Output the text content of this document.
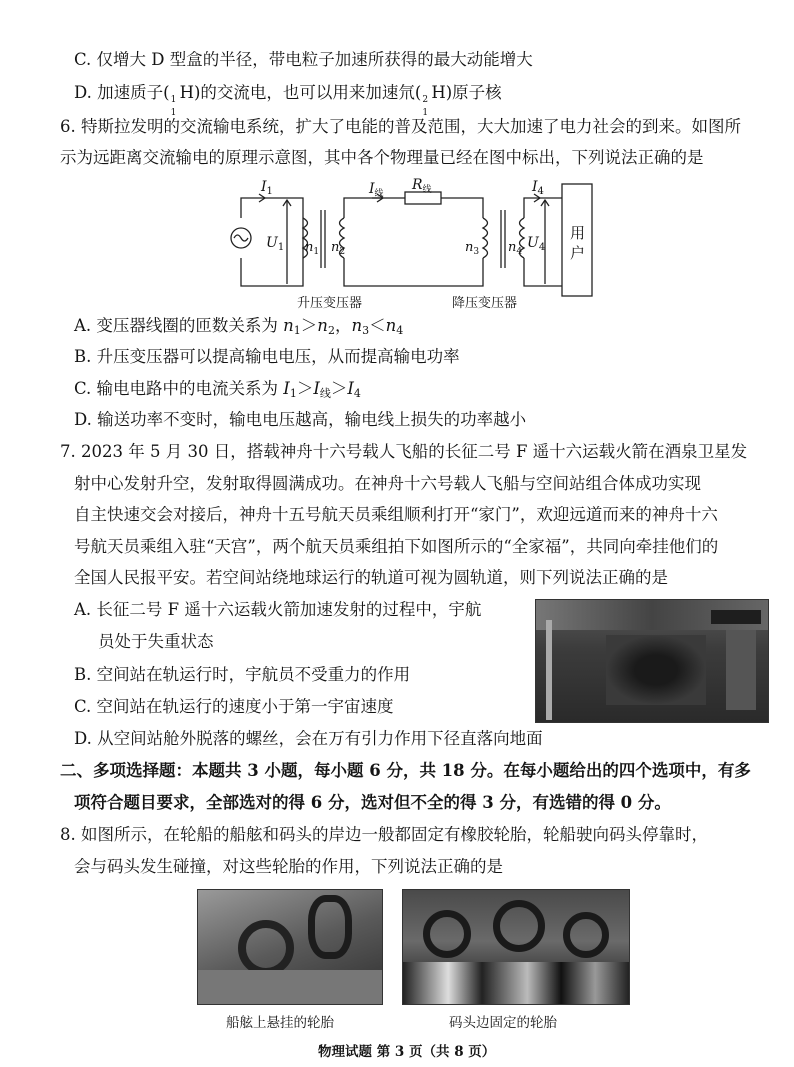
C. 仅增大 D 型盒的半径，带电粒子加速所获得的最大动能增大
D. 加速质子( 1
1
H)的交流电，也可以用来加速氘( 2
1
H)原子核
6. 特斯拉发明的交流输电系统，扩大了电能的普及范围，大大加速了电力社会的到来。如图所
示为远距离交流输电的原理示意图，其中各个物理量已经在图中标出，下列说法正确的是
$I_1$	$I_线$
$R_线$	$I_4$
$U_1$ $n_1$ $n_2$	$n_3$ $n_4$
$U_4$
用
户
升压变压器	降压变压器
A. 变压器线圈的匝数关系为 $n_1>n_2$，$n_3<n_4$
B. 升压变压器可以提高输电电压，从而提高输电功率
C. 输电电路中的电流关系为 $I_1>I_线>I_4$
D. 输送功率不变时，输电电压越高，输电线上损失的功率越小
7. 2023 年 5 月 30 日，搭载神舟十六号载人飞船的长征二号 F 遥十六运载火箭在酒泉卫星发
射中心发射升空，发射取得圆满成功。在神舟十六号载人飞船与空间站组合体成功实现
自主快速交会对接后，神舟十五号航天员乘组顺利打开“家门”，欢迎远道而来的神舟十六
号航天员乘组入驻“天宫”，两个航天员乘组拍下如图所示的“全家福”，共同向牵挂他们的
全国人民报平安。若空间站绕地球运行的轨道可视为圆轨道，则下列说法正确的是
A. 长征二号 F 遥十六运载火箭加速发射的过程中，宇航
员处于失重状态
B. 空间站在轨运行时，宇航员不受重力的作用
C. 空间站在轨运行的速度小于第一宇宙速度
D. 从空间站舱外脱落的螺丝，会在万有引力作用下径直落向地面
二、多项选择题：本题共 3 小题，每小题 6 分，共 18 分。在每小题给出的四个选项中，有多
项符合题目要求，全部选对的得 6 分，选对但不全的得 3 分，有选错的得 0 分。
8. 如图所示，在轮船的船舷和码头的岸边一般都固定有橡胶轮胎，轮船驶向码头停靠时，
会与码头发生碰撞，对这些轮胎的作用，下列说法正确的是
船舷上悬挂的轮胎	码头边固定的轮胎
物理试题 第 3 页（共 8 页）
